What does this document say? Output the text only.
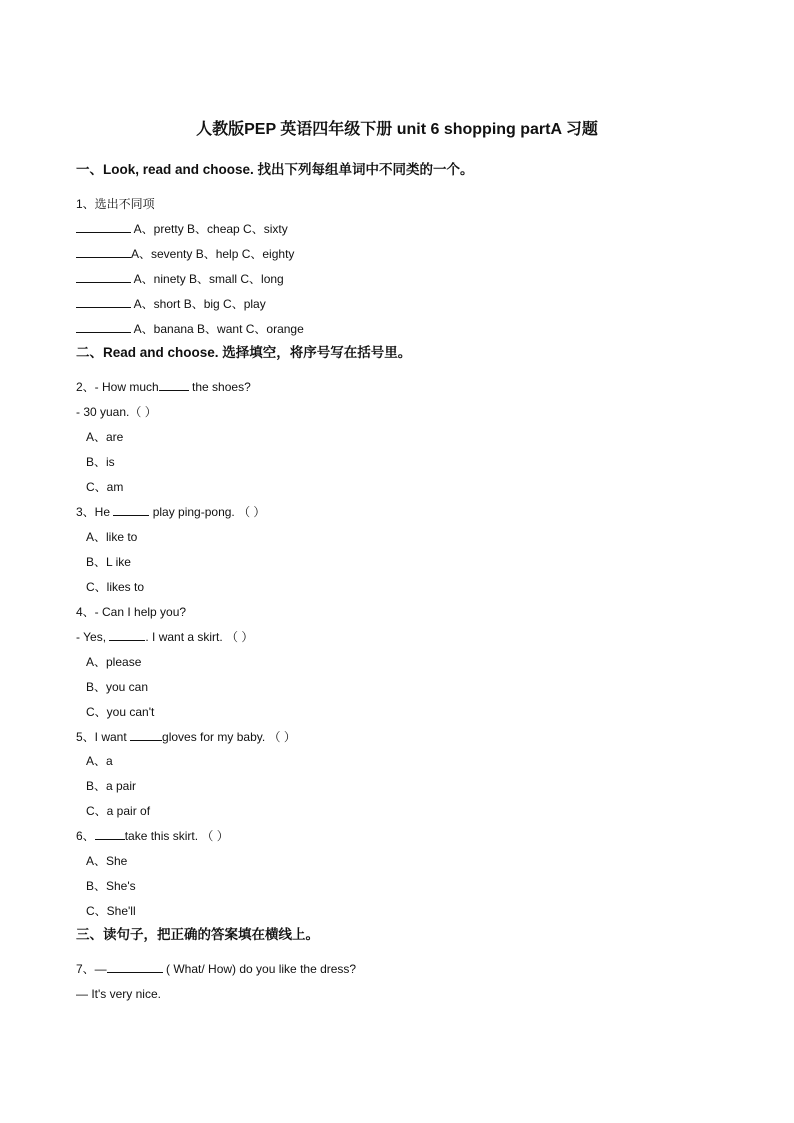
人教版PEP 英语四年级下册 unit 6 shopping partA 习题
一、Look, read and choose. 找出下列每组单词中不同类的一个。
1、选出不同项
A、pretty B、cheap C、sixty
A、seventy B、help C、eighty
A、ninety B、small C、long
A、short B、big C、play
A、banana B、want C、orange
二、Read and choose. 选择填空，将序号写在括号里。
2、- How much	the shoes?
- 30 yuan.（ ）
A、are
B、is
C、am
3、He	play ping-pong. （ ）
A、like to
B、L ike
C、likes to
4、- Can I help you?
- Yes,	. I want a skirt. （ ）
A、please
B、you can
C、you can't
5、I want	gloves for my baby. （ ）
A、a
B、a pair
C、a pair of
6、	take this skirt. （ ）
A、She
B、She's
C、She'll
三、读句子，把正确的答案填在横线上。
7、—	( What/ How) do you like the dress?
— It's very nice.
